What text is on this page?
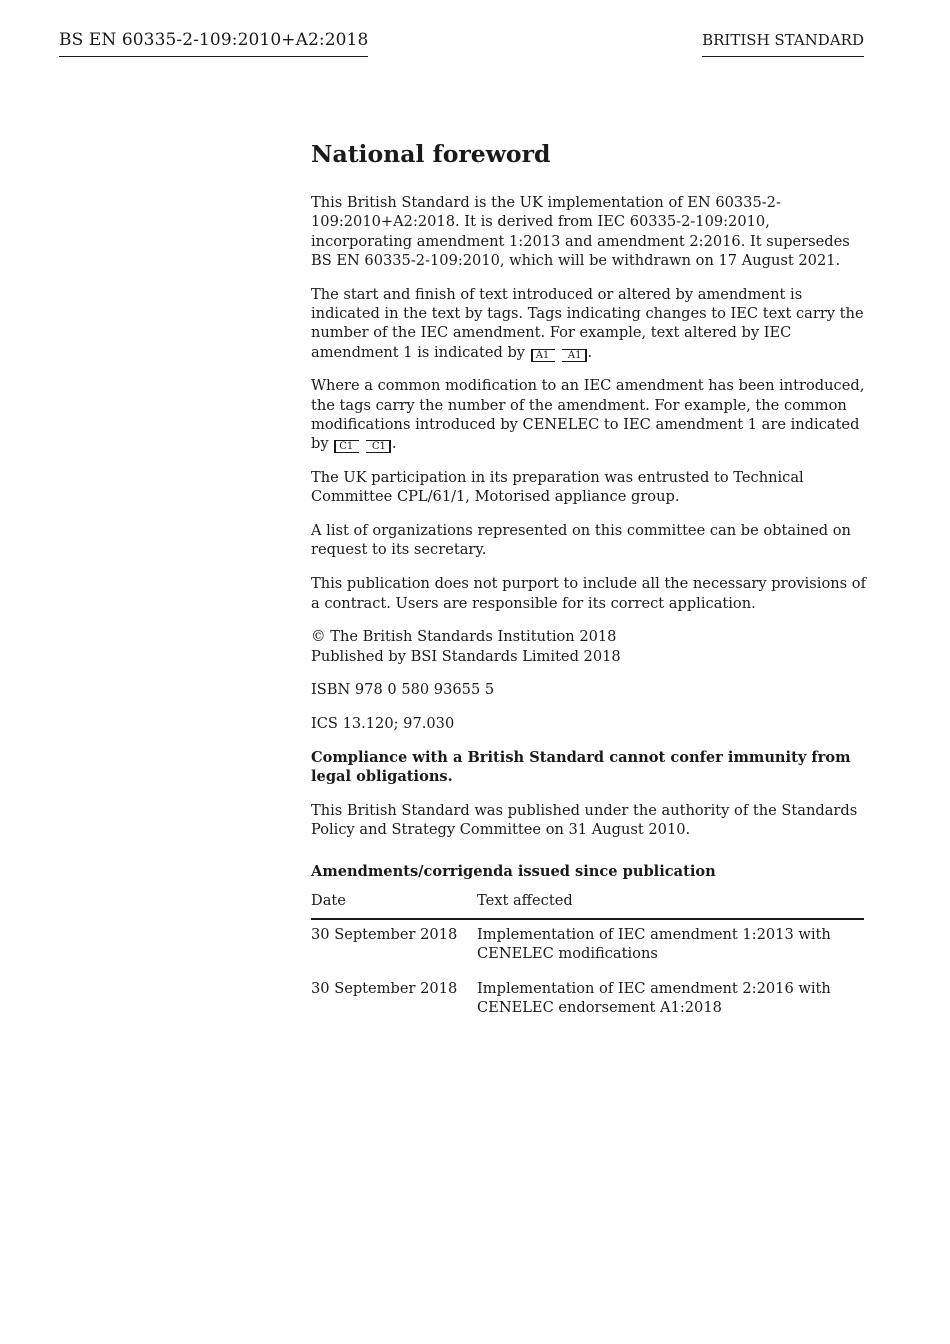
BS EN 60335-2-109:2010+A2:2018	BRITISH STANDARD
National foreword

This British Standard is the UK implementation of EN 60335-2-109:2010+A2:2018. It is derived from IEC 60335-2-109:2010, incorporating amendment 1:2013 and amendment 2:2016. It supersedes BS EN 60335-2-109:2010, which will be withdrawn on 17 August 2021.

The start and finish of text introduced or altered by amendment is indicated in the text by tags. Tags indicating changes to IEC text carry the number of the IEC amendment. For example, text altered by IEC amendment 1 is indicated by A1 A1 .

Where a common modification to an IEC amendment has been introduced, the tags carry the number of the amendment. For example, the common modifications introduced by CENELEC to IEC amendment 1 are indicated by C1 C1 .

The UK participation in its preparation was entrusted to Technical Committee CPL/61/1, Motorised appliance group.

A list of organizations represented on this committee can be obtained on request to its secretary.

This publication does not purport to include all the necessary provisions of a contract. Users are responsible for its correct application.

© The British Standards Institution 2018
Published by BSI Standards Limited 2018

ISBN 978 0 580 93655 5

ICS 13.120; 97.030

Compliance with a British Standard cannot confer immunity from legal obligations.

This British Standard was published under the authority of the Standards Policy and Strategy Committee on 31 August 2010.

Amendments/corrigenda issued since publication
Date	Text affected
30 September 2018	Implementation of IEC amendment 1:2013 with CENELEC modifications
30 September 2018	Implementation of IEC amendment 2:2016 with CENELEC endorsement A1:2018
